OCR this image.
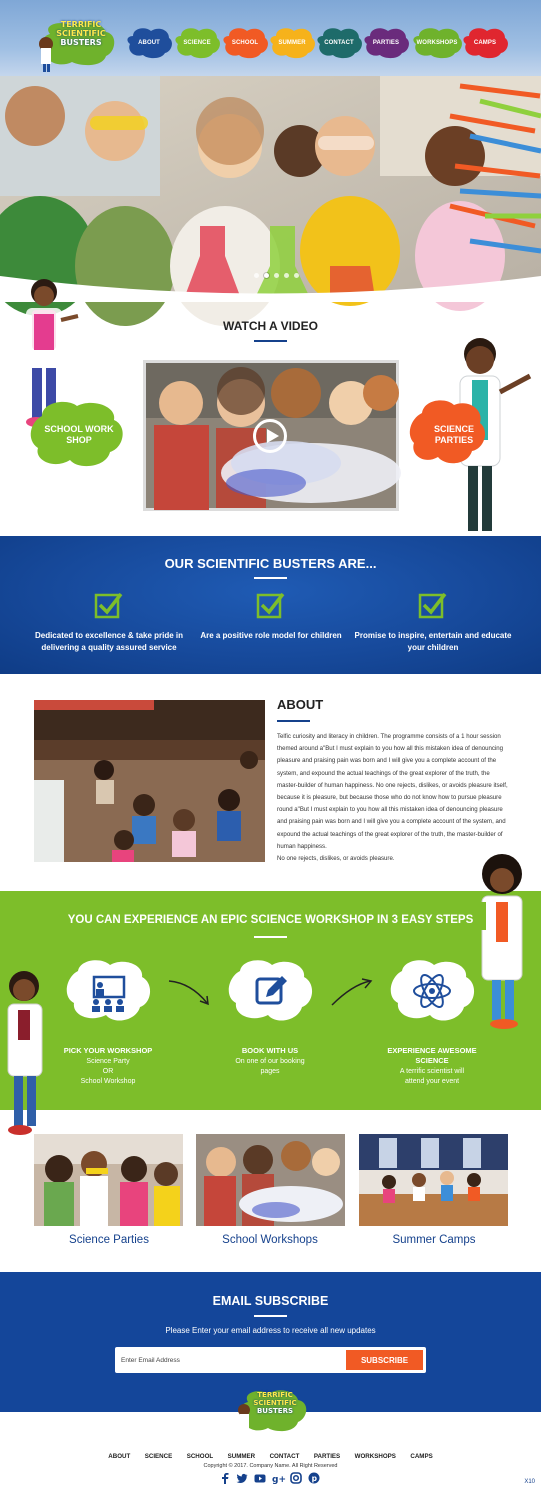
TERRIFIC
SCIENTIFIC
BUSTERS	ABOUT	SCIENCE	SCHOOL	SUMMER	CONTACT	PARTIES	WORKSHOPS	CAMPS
WATCH A VIDEO
SCHOOL WORK SHOP
SCIENCE PARTIES
OUR SCIENTIFIC BUSTERS ARE...
Dedicated to excellence & take pride in delivering a quality assured service
Are a positive role model for children	Promise to inspire, entertain and educate your children
ABOUT
Telfic curiosity and literacy in children. The programme consists of a 1 hour session themed around a"But I must explain to you how all this mistaken idea of denouncing pleasure and praising pain was born and I will give you a complete account of the system, and expound the actual teachings of the great explorer of the truth, the master-builder of human happiness. No one rejects, dislikes, or avoids pleasure itself, because it is pleasure, but because those who do not know how to pursue pleasure round a"But I must explain to you how all this mistaken idea of denouncing pleasure and praising pain was born and I will give you a complete account of the system, and expound the actual teachings of the great explorer of the truth, the master-builder of human happiness.
No one rejects, dislikes, or avoids pleasure.
YOU CAN EXPERIENCE AN EPIC SCIENCE WORKSHOP IN 3 EASY STEPS
PICK YOUR WORKSHOP
Science Party
OR
School Workshop
BOOK WITH US
On one of our booking
pages
EXPERIENCE AWESOME SCIENCE
A terrific scientist will
attend your event
Science Parties	School Workshops	Summer Camps
EMAIL SUBSCRIBE
Please Enter your email address to receive all new updates
Enter Email Address
SUBSCRIBE
TERRIFIC
SCIENTIFIC
BUSTERS
ABOUT SCIENCE SCHOOL SUMMER CONTACT PARTIES WORKSHOPS CAMPS
Copyright © 2017. Company Name. All Right Reserved
g+	p	X10
